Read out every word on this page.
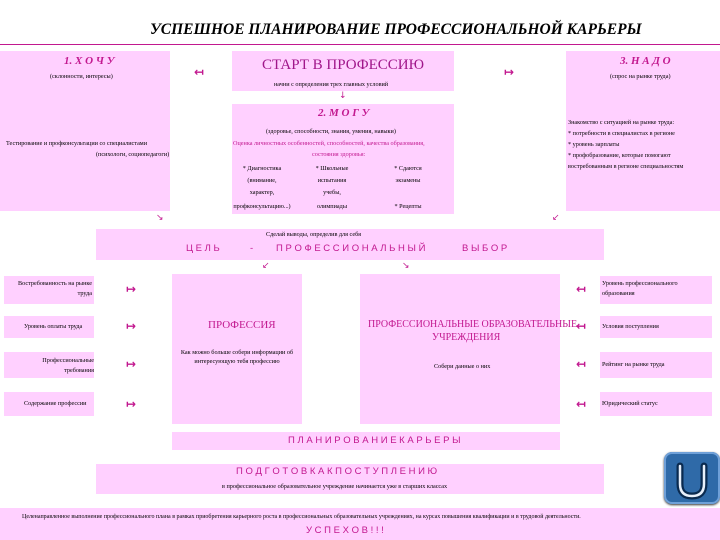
УСПЕШНОЕ ПЛАНИРОВАНИЕ ПРОФЕССИОНАЛЬНОЙ КАРЬЕРЫ
1. Х О Ч У
(склонности, интересы)
Тестирование и профконсультации со специалистами
(психологи, социопедагоги)
СТАРТ В ПРОФЕССИЮ
начни с определения трех главных условий
2. М О Г У
(здоровье, способности, знания, умения, навыки)
Оценка личностных особенностей, способностей, качества образования,
состояния здоровья:
* Диагностика
(внимание,
характер,
профконсультацию...)
* Школьные
испытания
учебы,
олимпиады
* Сдаются
экзамены
* Рецепты
3. Н А Д О
(спрос на рынке труда)
Знакомство с ситуацией на рынке труда:
* потребности в специалистах в регионе
* уровень зарплаты
* профобразование, которые помогают
востребованным в регионе специальностям
↤	↦
↓
↘	↙
Сделай выводы, определив для себя
Ц Е Л Ь	- П Р О Ф Е С С И О Н А Л Ь Н Ы Й	В Ы Б О Р
↙	↘
ПРОФЕССИЯ
Как можно больше собери информации об интересующую тебя профессию
ПРОФЕССИОНАЛЬНЫЕ ОБРАЗОВАТЕЛЬНЫЕ
УЧРЕЖДЕНИЯ
Собери данные о них
Востребованность на рынке труда
Уровень оплаты труда
Профессиональные требования
Содержание профессии
↦
↦
↦
↦
Уровень профессионального образования
Условия поступления
Рейтинг на рынке труда
Юридический статус
↤
↤
↤
↤
П Л А Н И Р О В А Н И Е К А Р Ь Е Р Ы
П О Д Г О Т О В К А К П О С Т У П Л Е Н И Ю
в профессиональное образовательное учреждение начинается уже в старших классах
Целенаправленное выполнение профессионального плана в рамках приобретения карьерного роста в профессиональных образовательных учреждениях, на курсах повышения квалификации и в трудовой деятельности.
У С П Е Х О В ! ! !
